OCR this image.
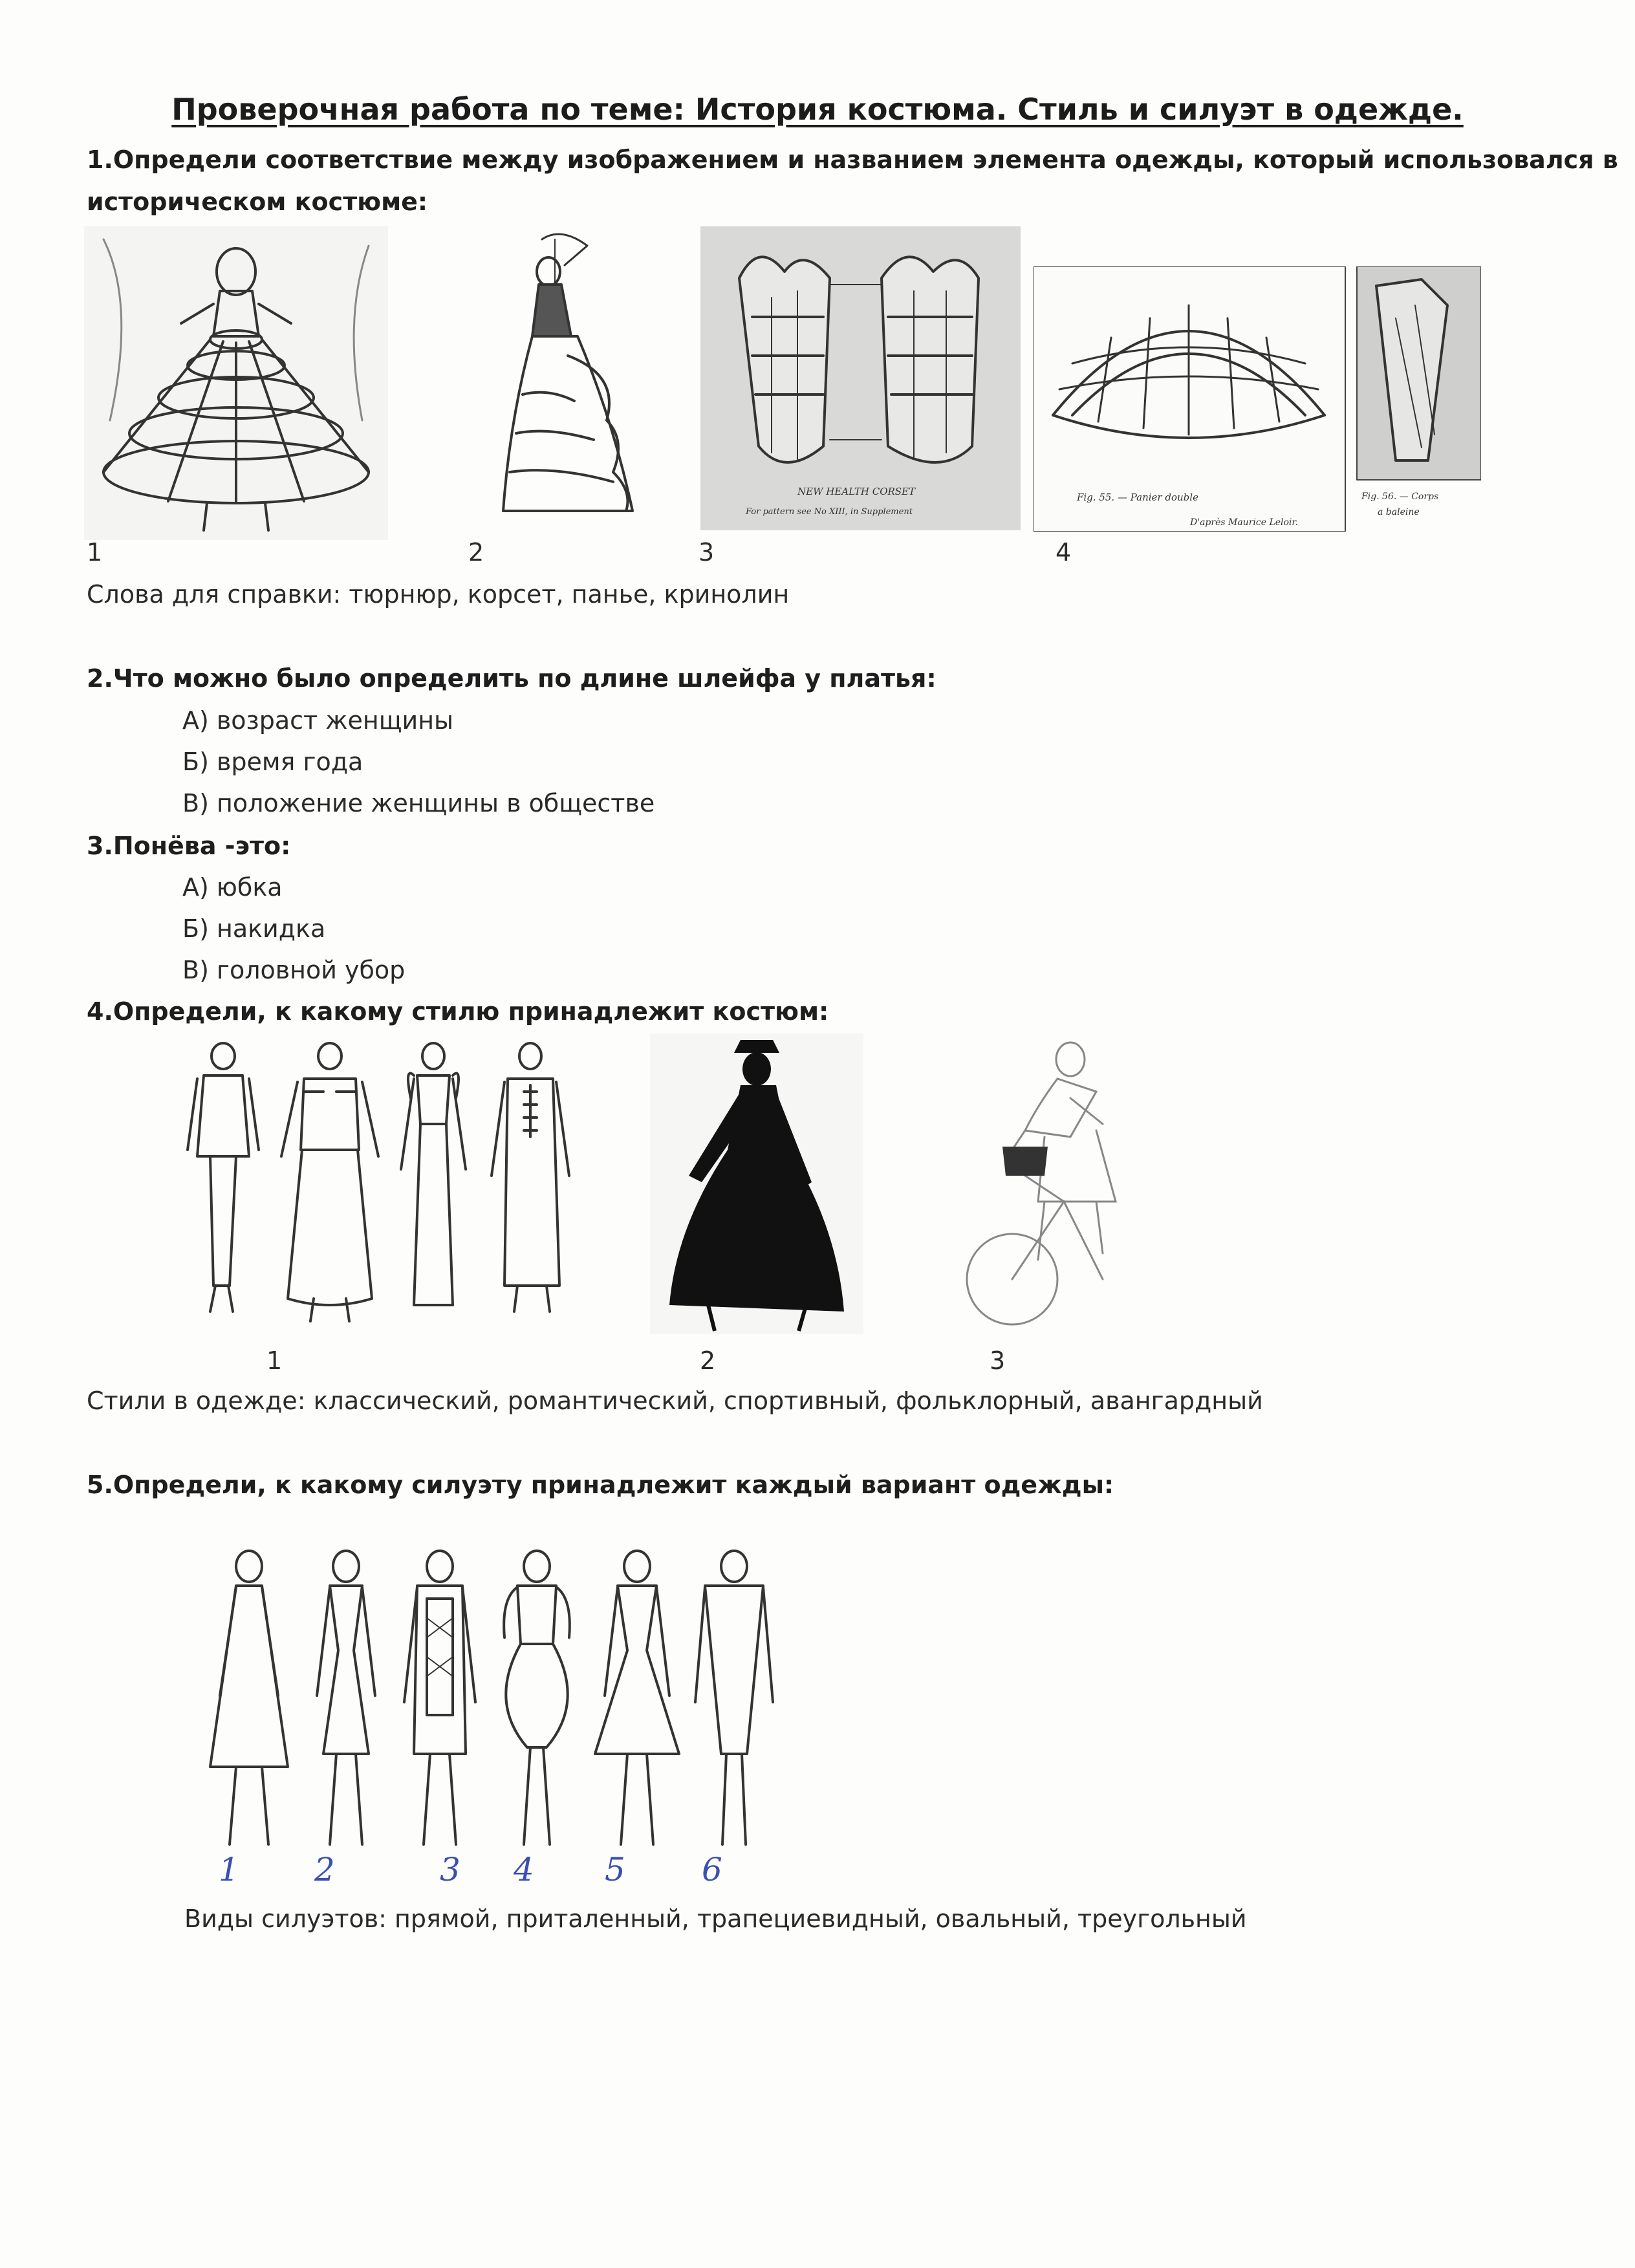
Проверочная работа по теме: История костюма. Стиль и силуэт в одежде.
1.Определи соответствие между изображением и названием элемента одежды, который использовался в
историческом костюме:
NEW HEALTH CORSET
For pattern see No XIII, in Supplement
Fig. 55. — Panier double
D'après Maurice Leloir.
Fig. 56. — Corps
a baleine
1	2	3	4
Слова для справки: тюрнюр, корсет, панье, кринолин
2.Что можно было определить по длине шлейфа у платья:
А) возраст женщины
Б) время года
В) положение женщины в обществе
3.Понёва -это:
А) юбка
Б) накидка
В) головной убор
4.Определи, к какому стилю принадлежит костюм:
1	2	3
Стили в одежде: классический, романтический, спортивный, фольклорный, авангардный
5.Определи, к какому силуэту принадлежит каждый вариант одежды:
1 2	3 4 5 6
Виды силуэтов: прямой, приталенный, трапециевидный, овальный, треугольный
